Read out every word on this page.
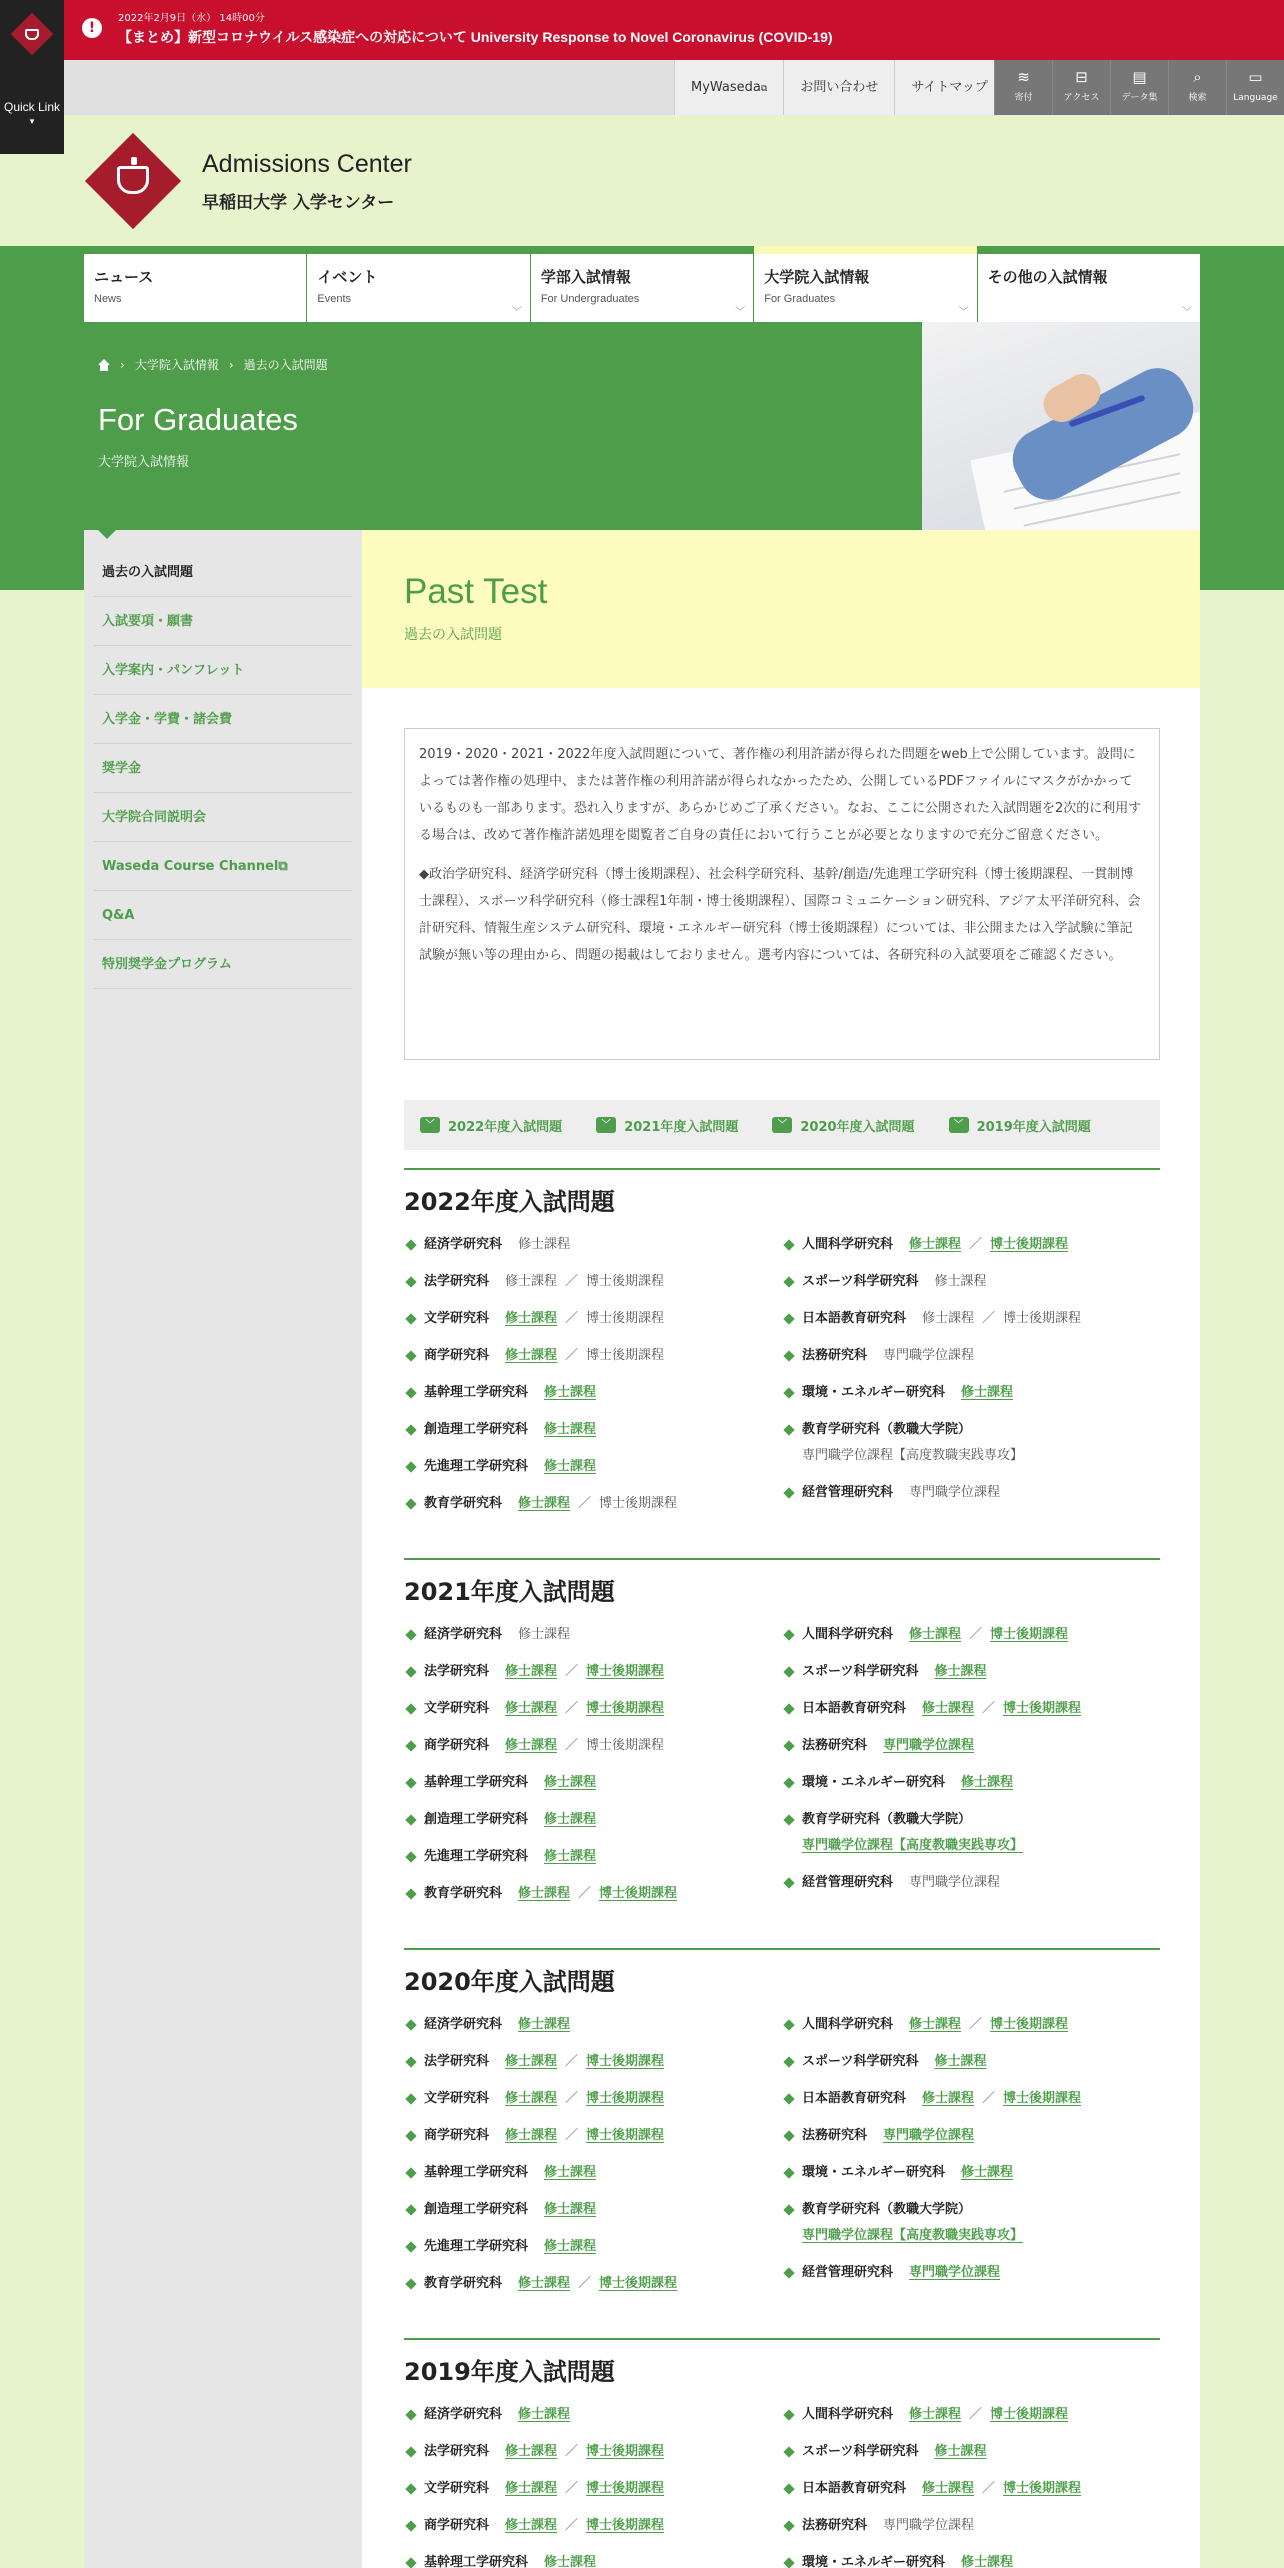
Quick Link
▾
!
2022年2月9日（水） 14時00分
【まとめ】新型コロナウイルス感染症への対応について University Response to Novel Coronavirus (COVID-19)
MyWaseda⧉	お問い合わせ	サイトマップ
≋
寄付
⊟
アクセス
▤
データ集
⌕
検索
▭
Language
Admissions Center
早稲田大学 入学センター
ニュース
News
イベント
Events
﹀
学部入試情報
For Undergraduates
﹀
大学院入試情報
For Graduates
﹀
その他の入試情報
﹀
› 大学院入試情報 › 過去の入試問題
For Graduates
大学院入試情報
過去の入試問題
入試要項・願書
入学案内・パンフレット
入学金・学費・諸会費
奨学金
大学院合同説明会
Waseda Course Channel⧉
Q&A
特別奨学金プログラム
Past Test
過去の入試問題

2019・2020・2021・2022年度入試問題について、著作権の利用許諾が得られた問題をweb上で公開しています。設問によっては著作権の処理中、または著作権の利用許諾が得られなかったため、公開しているPDFファイルにマスクがかかっているものも一部あります。恐れ入りますが、あらかじめご了承ください。なお、ここに公開された入試問題を2次的に利用する場合は、改めて著作権許諾処理を閲覧者ご自身の責任において行うことが必要となりますので充分ご留意ください。

◆政治学研究科、経済学研究科（博士後期課程）、社会科学研究科、基幹/創造/先進理工学研究科（博士後期課程、一貫制博士課程）、スポーツ科学研究科（修士課程1年制・博士後期課程）、国際コミュニケーション研究科、アジア太平洋研究科、会計研究科、情報生産システム研究科、環境・エネルギー研究科（博士後期課程）については、非公開または入学試験に筆記試験が無い等の理由から、問題の掲載はしておりません。選考内容については、各研究科の入試要項をご確認ください。

﹀	2022年度入試問題	﹀	2021年度入試問題	﹀	2020年度入試問題	﹀	2019年度入試問題
2022年度入試問題
経済学研究科 修士課程
法学研究科 修士課程 ／ 博士後期課程
文学研究科 修士課程 ／ 博士後期課程
商学研究科 修士課程 ／ 博士後期課程
基幹理工学研究科 修士課程
創造理工学研究科 修士課程
先進理工学研究科 修士課程
教育学研究科 修士課程 ／ 博士後期課程
人間科学研究科 修士課程 ／ 博士後期課程
スポーツ科学研究科 修士課程
日本語教育研究科 修士課程 ／ 博士後期課程
法務研究科 専門職学位課程
環境・エネルギー研究科 修士課程
教育学研究科（教職大学院）
専門職学位課程【高度教職実践専攻】
経営管理研究科 専門職学位課程
2021年度入試問題
経済学研究科 修士課程
法学研究科 修士課程 ／ 博士後期課程
文学研究科 修士課程 ／ 博士後期課程
商学研究科 修士課程 ／ 博士後期課程
基幹理工学研究科 修士課程
創造理工学研究科 修士課程
先進理工学研究科 修士課程
教育学研究科 修士課程 ／ 博士後期課程
人間科学研究科 修士課程 ／ 博士後期課程
スポーツ科学研究科 修士課程
日本語教育研究科 修士課程 ／ 博士後期課程
法務研究科 専門職学位課程
環境・エネルギー研究科 修士課程
教育学研究科（教職大学院）
専門職学位課程【高度教職実践専攻】
経営管理研究科 専門職学位課程
2020年度入試問題
経済学研究科 修士課程
法学研究科 修士課程 ／ 博士後期課程
文学研究科 修士課程 ／ 博士後期課程
商学研究科 修士課程 ／ 博士後期課程
基幹理工学研究科 修士課程
創造理工学研究科 修士課程
先進理工学研究科 修士課程
教育学研究科 修士課程 ／ 博士後期課程
人間科学研究科 修士課程 ／ 博士後期課程
スポーツ科学研究科 修士課程
日本語教育研究科 修士課程 ／ 博士後期課程
法務研究科 専門職学位課程
環境・エネルギー研究科 修士課程
教育学研究科（教職大学院）
専門職学位課程【高度教職実践専攻】
経営管理研究科 専門職学位課程
2019年度入試問題
経済学研究科 修士課程
法学研究科 修士課程 ／ 博士後期課程
文学研究科 修士課程 ／ 博士後期課程
商学研究科 修士課程 ／ 博士後期課程
基幹理工学研究科 修士課程
人間科学研究科 修士課程 ／ 博士後期課程
スポーツ科学研究科 修士課程
日本語教育研究科 修士課程 ／ 博士後期課程
法務研究科 専門職学位課程
環境・エネルギー研究科 修士課程
